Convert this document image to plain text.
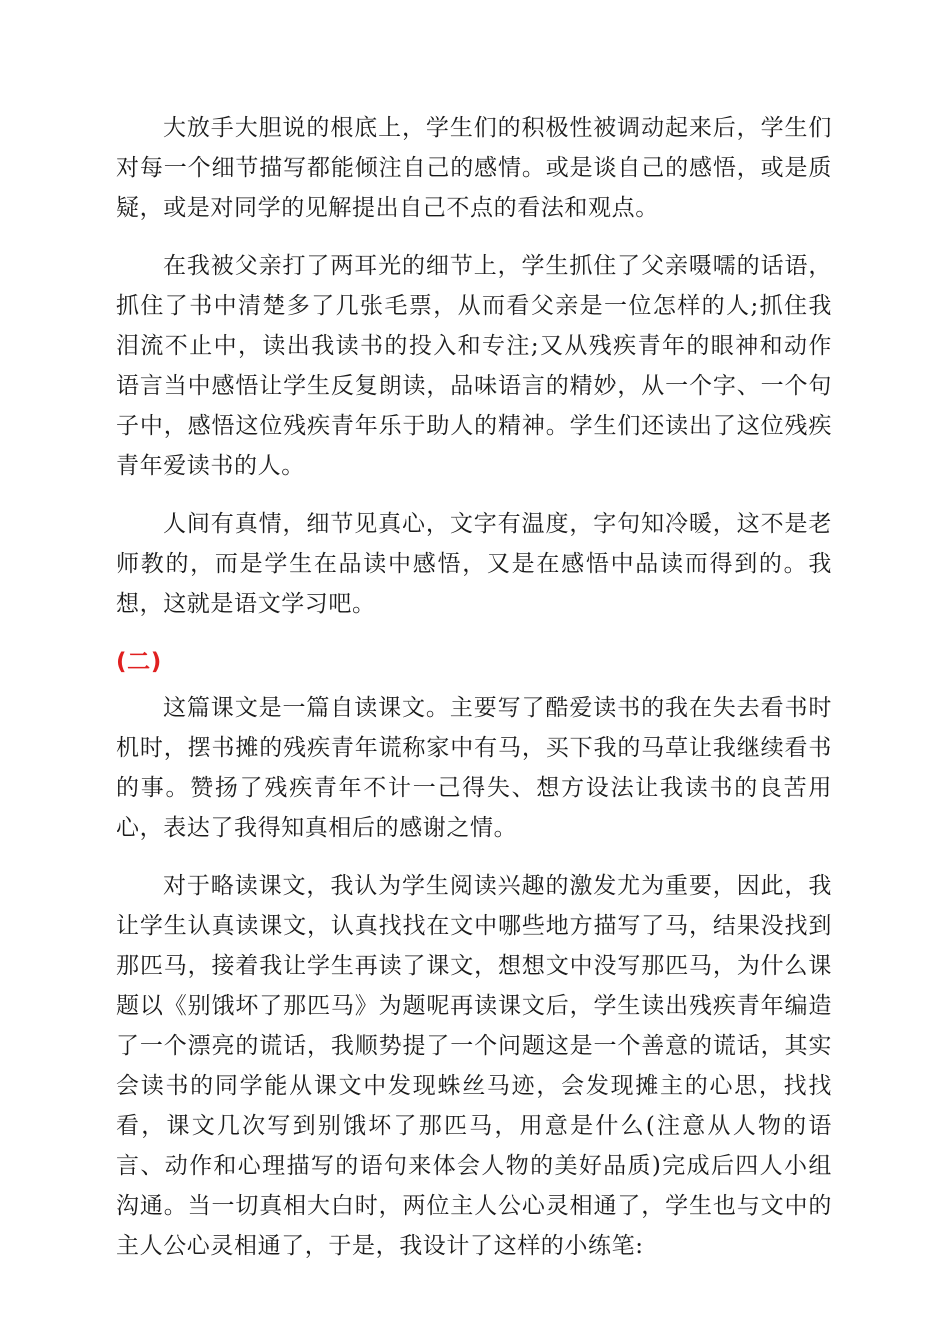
大放手大胆说的根底上，学生们的积极性被调动起来后，学生们对每一个细节描写都能倾注自己的感情。或是谈自己的感悟，或是质疑，或是对同学的见解提出自己不点的看法和观点。

在我被父亲打了两耳光的细节上，学生抓住了父亲嗫嚅的话语，抓住了书中清楚多了几张毛票，从而看父亲是一位怎样的人;抓住我泪流不止中，读出我读书的投入和专注;又从残疾青年的眼神和动作语言当中感悟让学生反复朗读，品味语言的精妙，从一个字、一个句子中，感悟这位残疾青年乐于助人的精神。学生们还读出了这位残疾青年爱读书的人。

人间有真情，细节见真心，文字有温度，字句知冷暖，这不是老师教的，而是学生在品读中感悟，又是在感悟中品读而得到的。我想，这就是语文学习吧。

(二)

这篇课文是一篇自读课文。主要写了酷爱读书的我在失去看书时机时，摆书摊的残疾青年谎称家中有马，买下我的马草让我继续看书的事。赞扬了残疾青年不计一己得失、想方设法让我读书的良苦用心，表达了我得知真相后的感谢之情。

对于略读课文，我认为学生阅读兴趣的激发尤为重要，因此，我让学生认真读课文，认真找找在文中哪些地方描写了马，结果没找到那匹马，接着我让学生再读了课文，想想文中没写那匹马，为什么课题以《别饿坏了那匹马》为题呢再读课文后，学生读出残疾青年编造了一个漂亮的谎话，我顺势提了一个问题这是一个善意的谎话，其实会读书的同学能从课文中发现蛛丝马迹，会发现摊主的心思，找找看，课文几次写到别饿坏了那匹马，用意是什么(注意从人物的语言、动作和心理描写的语句来体会人物的美好品质)完成后四人小组沟通。当一切真相大白时，两位主人公心灵相通了，学生也与文中的主人公心灵相通了，于是，我设计了这样的小练笔:
